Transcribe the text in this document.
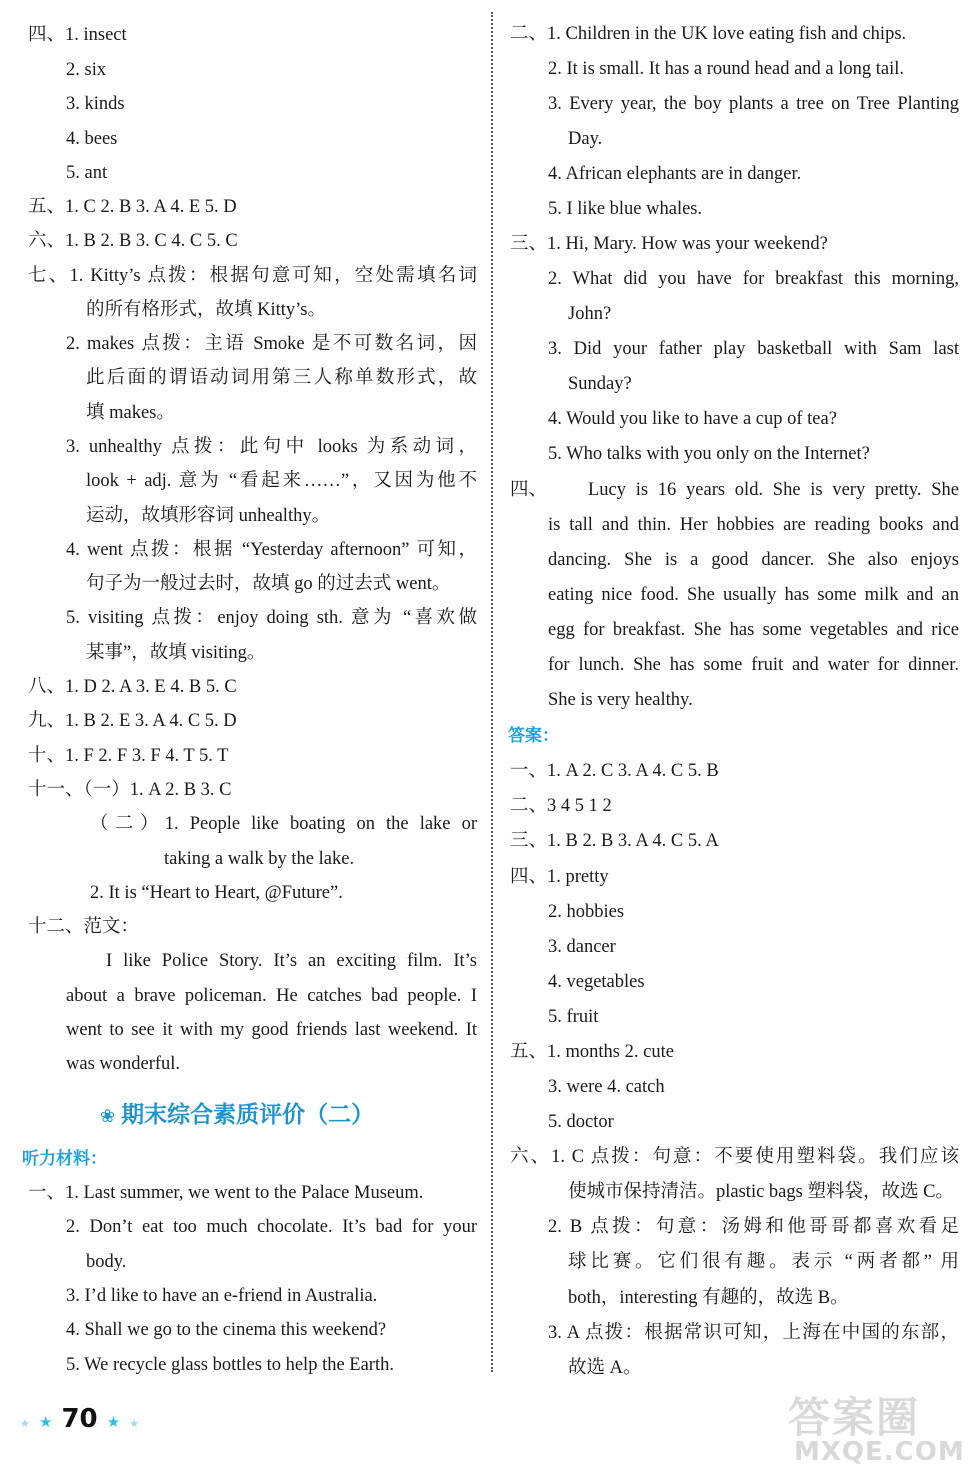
四、1. insect
2. six
3. kinds
4. bees
5. ant
五、1. C 2. B 3. A 4. E 5. D
六、1. B 2. B 3. C 4. C 5. C
七、1. Kitty’s 点拨：根据句意可知，空处需填名词
的所有格形式，故填 Kitty’s。
2. makes 点拨：主语 Smoke 是不可数名词，因
此后面的谓语动词用第三人称单数形式，故
填 makes。
3. unhealthy 点拨：此句中 looks 为系动词，
look + adj. 意为 “看起来……”，又因为他不
运动，故填形容词 unhealthy。
4. went 点拨：根据 “Yesterday afternoon” 可知，
句子为一般过去时，故填 go 的过去式 went。
5. visiting 点拨：enjoy doing sth. 意为 “喜欢做
某事”，故填 visiting。
八、1. D 2. A 3. E 4. B 5. C
九、1. B 2. E 3. A 4. C 5. D
十、1. F 2. F 3. F 4. T 5. T
十一、（一）1. A 2. B 3. C
（二）1. People like boating on the lake or
taking a walk by the lake.
2. It is “Heart to Heart, @Future”.
十二、范文：
I like Police Story. It’s an exciting film. It’s
about a brave policeman. He catches bad people. I
went to see it with my good friends last weekend. It
was wonderful.
一、1. Last summer, we went to the Palace Museum.
2. Don’t eat too much chocolate. It’s bad for your
body.
3. I’d like to have an e-friend in Australia.
4. Shall we go to the cinema this weekend?
5. We recycle glass bottles to help the Earth.
二、1. Children in the UK love eating fish and chips.
2. It is small. It has a round head and a long tail.
3. Every year, the boy plants a tree on Tree Planting
Day.
4. African elephants are in danger.
5. I like blue whales.
三、1. Hi, Mary. How was your weekend?
2. What did you have for breakfast this morning,
John?
3. Did your father play basketball with Sam last
Sunday?
4. Would you like to have a cup of tea?
5. Who talks with you only on the Internet?
四、 Lucy is 16 years old. She is very pretty. She
is tall and thin. Her hobbies are reading books and
dancing. She is a good dancer. She also enjoys
eating nice food. She usually has some milk and an
egg for breakfast. She has some vegetables and rice
for lunch. She has some fruit and water for dinner.
She is very healthy.
一、1. A 2. C 3. A 4. C 5. B
二、3 4 5 1 2
三、1. B 2. B 3. A 4. C 5. A
四、1. pretty
2. hobbies
3. dancer
4. vegetables
5. fruit
五、1. months 2. cute
3. were 4. catch
5. doctor
六、1. C 点拨：句意：不要使用塑料袋。我们应该
使城市保持清洁。plastic bags 塑料袋，故选 C。
2. B 点拨：句意：汤姆和他哥哥都喜欢看足
球比赛。它们很有趣。表示 “两者都” 用
both，interesting 有趣的，故选 B。
3. A 点拨：根据常识可知，上海在中国的东部，
故选 A。
❀ 期末综合素质评价（二）
听力材料：
答案：
★ ★ 70 ★ ★	答案圈
MXQE.COM
